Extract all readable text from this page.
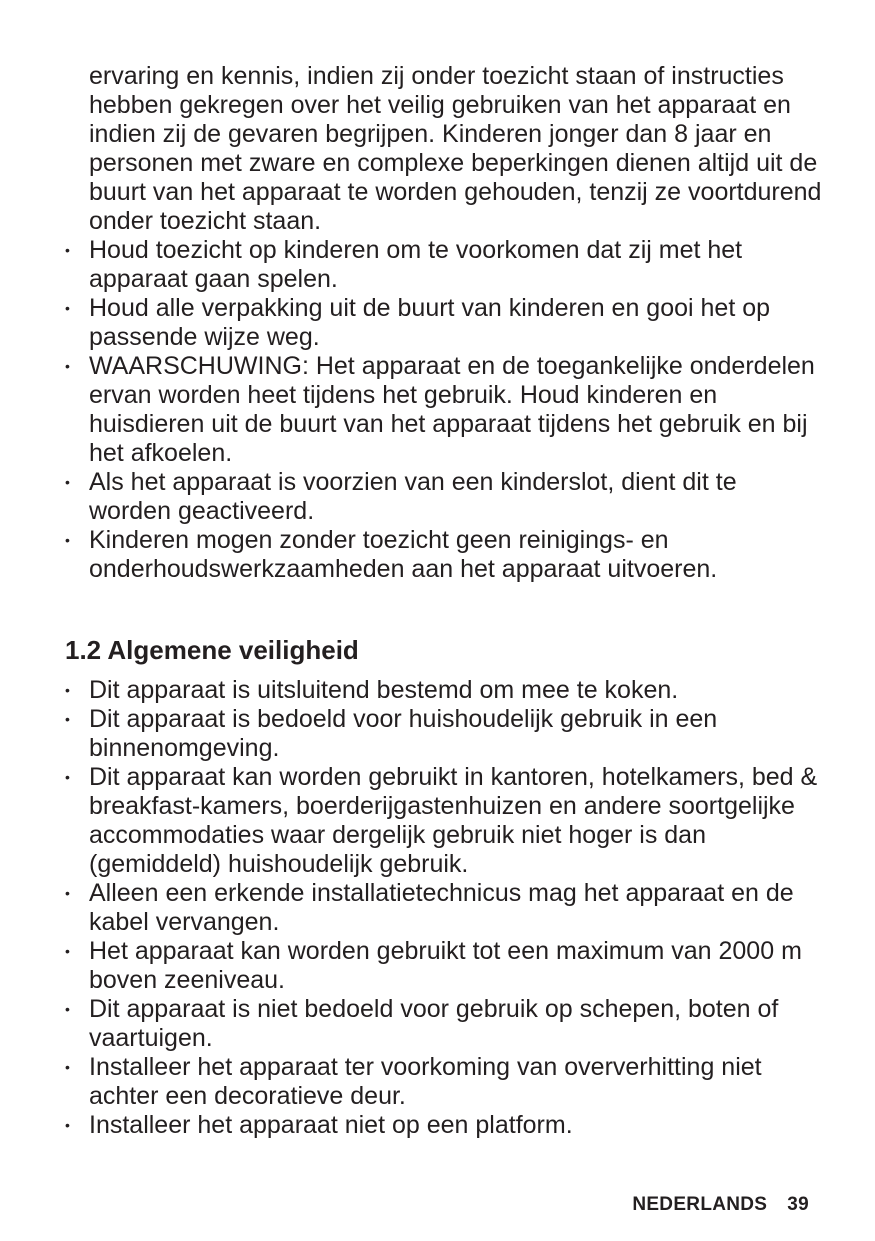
ervaring en kennis, indien zij onder toezicht staan of instructies hebben gekregen over het veilig gebruiken van het apparaat en indien zij de gevaren begrijpen. Kinderen jonger dan 8 jaar en personen met zware en complexe beperkingen dienen altijd uit de buurt van het apparaat te worden gehouden, tenzij ze voortdurend onder toezicht staan.

• Houd toezicht op kinderen om te voorkomen dat zij met het apparaat gaan spelen.
• Houd alle verpakking uit de buurt van kinderen en gooi het op passende wijze weg.
• WAARSCHUWING: Het apparaat en de toegankelijke onderdelen ervan worden heet tijdens het gebruik. Houd kinderen en huisdieren uit de buurt van het apparaat tijdens het gebruik en bij het afkoelen.
• Als het apparaat is voorzien van een kinderslot, dient dit te worden geactiveerd.
• Kinderen mogen zonder toezicht geen reinigings- en onderhoudswerkzaamheden aan het apparaat uitvoeren.
1.2 Algemene veiligheid
• Dit apparaat is uitsluitend bestemd om mee te koken.
• Dit apparaat is bedoeld voor huishoudelijk gebruik in een binnenomgeving.
• Dit apparaat kan worden gebruikt in kantoren, hotelkamers, bed & breakfast-kamers, boerderijgastenhuizen en andere soortgelijke accommodaties waar dergelijk gebruik niet hoger is dan (gemiddeld) huishoudelijk gebruik.
• Alleen een erkende installatietechnicus mag het apparaat en de kabel vervangen.
• Het apparaat kan worden gebruikt tot een maximum van 2000 m boven zeeniveau.
• Dit apparaat is niet bedoeld voor gebruik op schepen, boten of vaartuigen.
• Installeer het apparaat ter voorkoming van oververhitting niet achter een decoratieve deur.
• Installeer het apparaat niet op een platform.
NEDERLANDS 39
